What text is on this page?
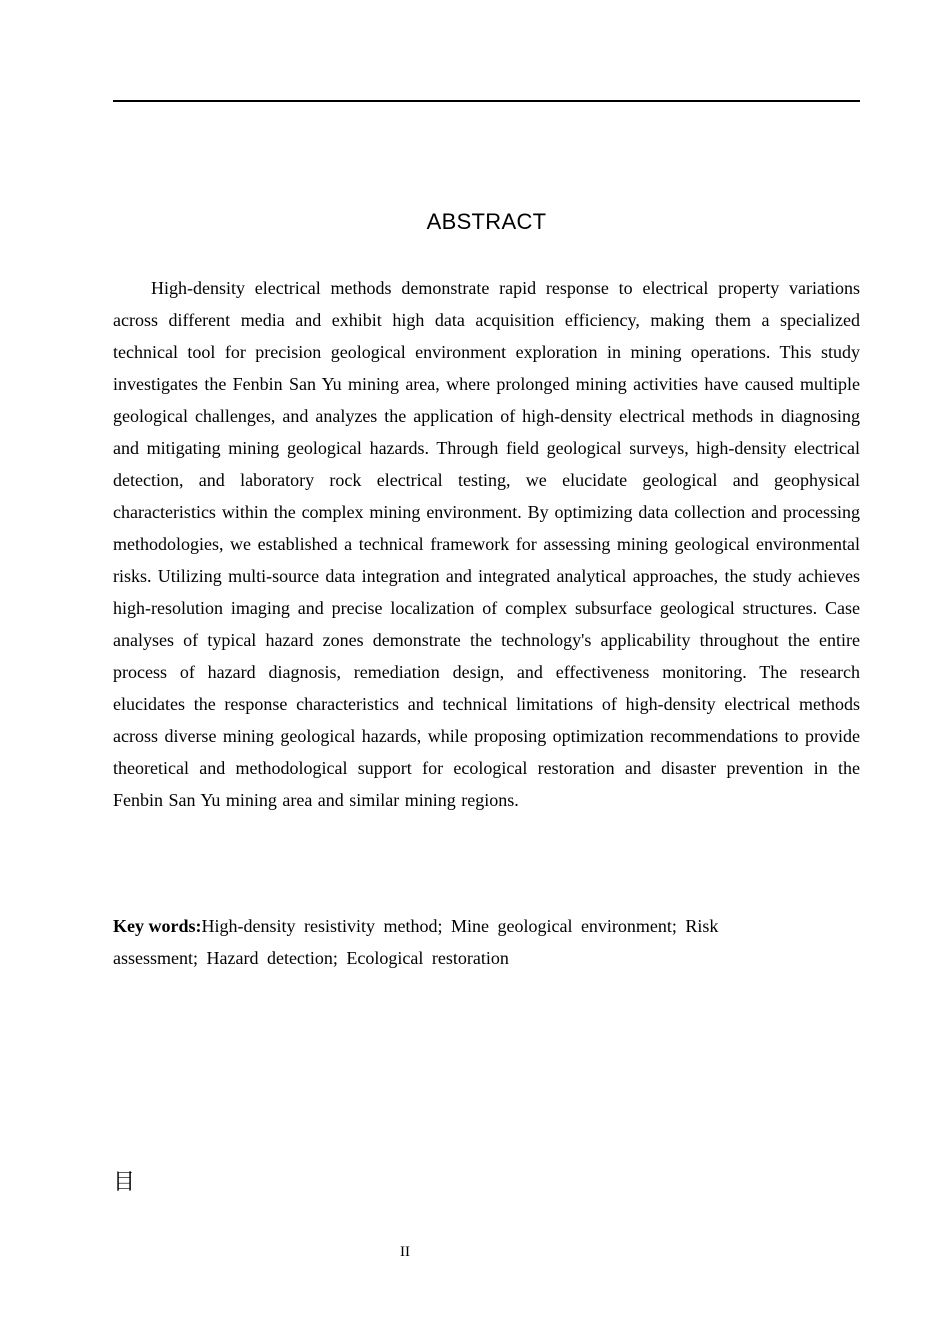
ABSTRACT

High-density electrical methods demonstrate rapid response to electrical property variations across different media and exhibit high data acquisition efficiency, making them a specialized technical tool for precision geological environment exploration in mining operations. This study investigates the Fenbin San Yu mining area, where prolonged mining activities have caused multiple geological challenges, and analyzes the application of high-density electrical methods in diagnosing and mitigating mining geological hazards. Through field geological surveys, high-density electrical detection, and laboratory rock electrical testing, we elucidate geological and geophysical characteristics within the complex mining environment. By optimizing data collection and processing methodologies, we established a technical framework for assessing mining geological environmental risks. Utilizing multi-source data integration and integrated analytical approaches, the study achieves high-resolution imaging and precise localization of complex subsurface geological structures. Case analyses of typical hazard zones demonstrate the technology's applicability throughout the entire process of hazard diagnosis, remediation design, and effectiveness monitoring. The research elucidates the response characteristics and technical limitations of high-density electrical methods across diverse mining geological hazards, while proposing optimization recommendations to provide theoretical and methodological support for ecological restoration and disaster prevention in the Fenbin San Yu mining area and similar mining regions.

Key words:High-density resistivity method; Mine geological environment; Risk assessment; Hazard detection; Ecological restoration

目
II
